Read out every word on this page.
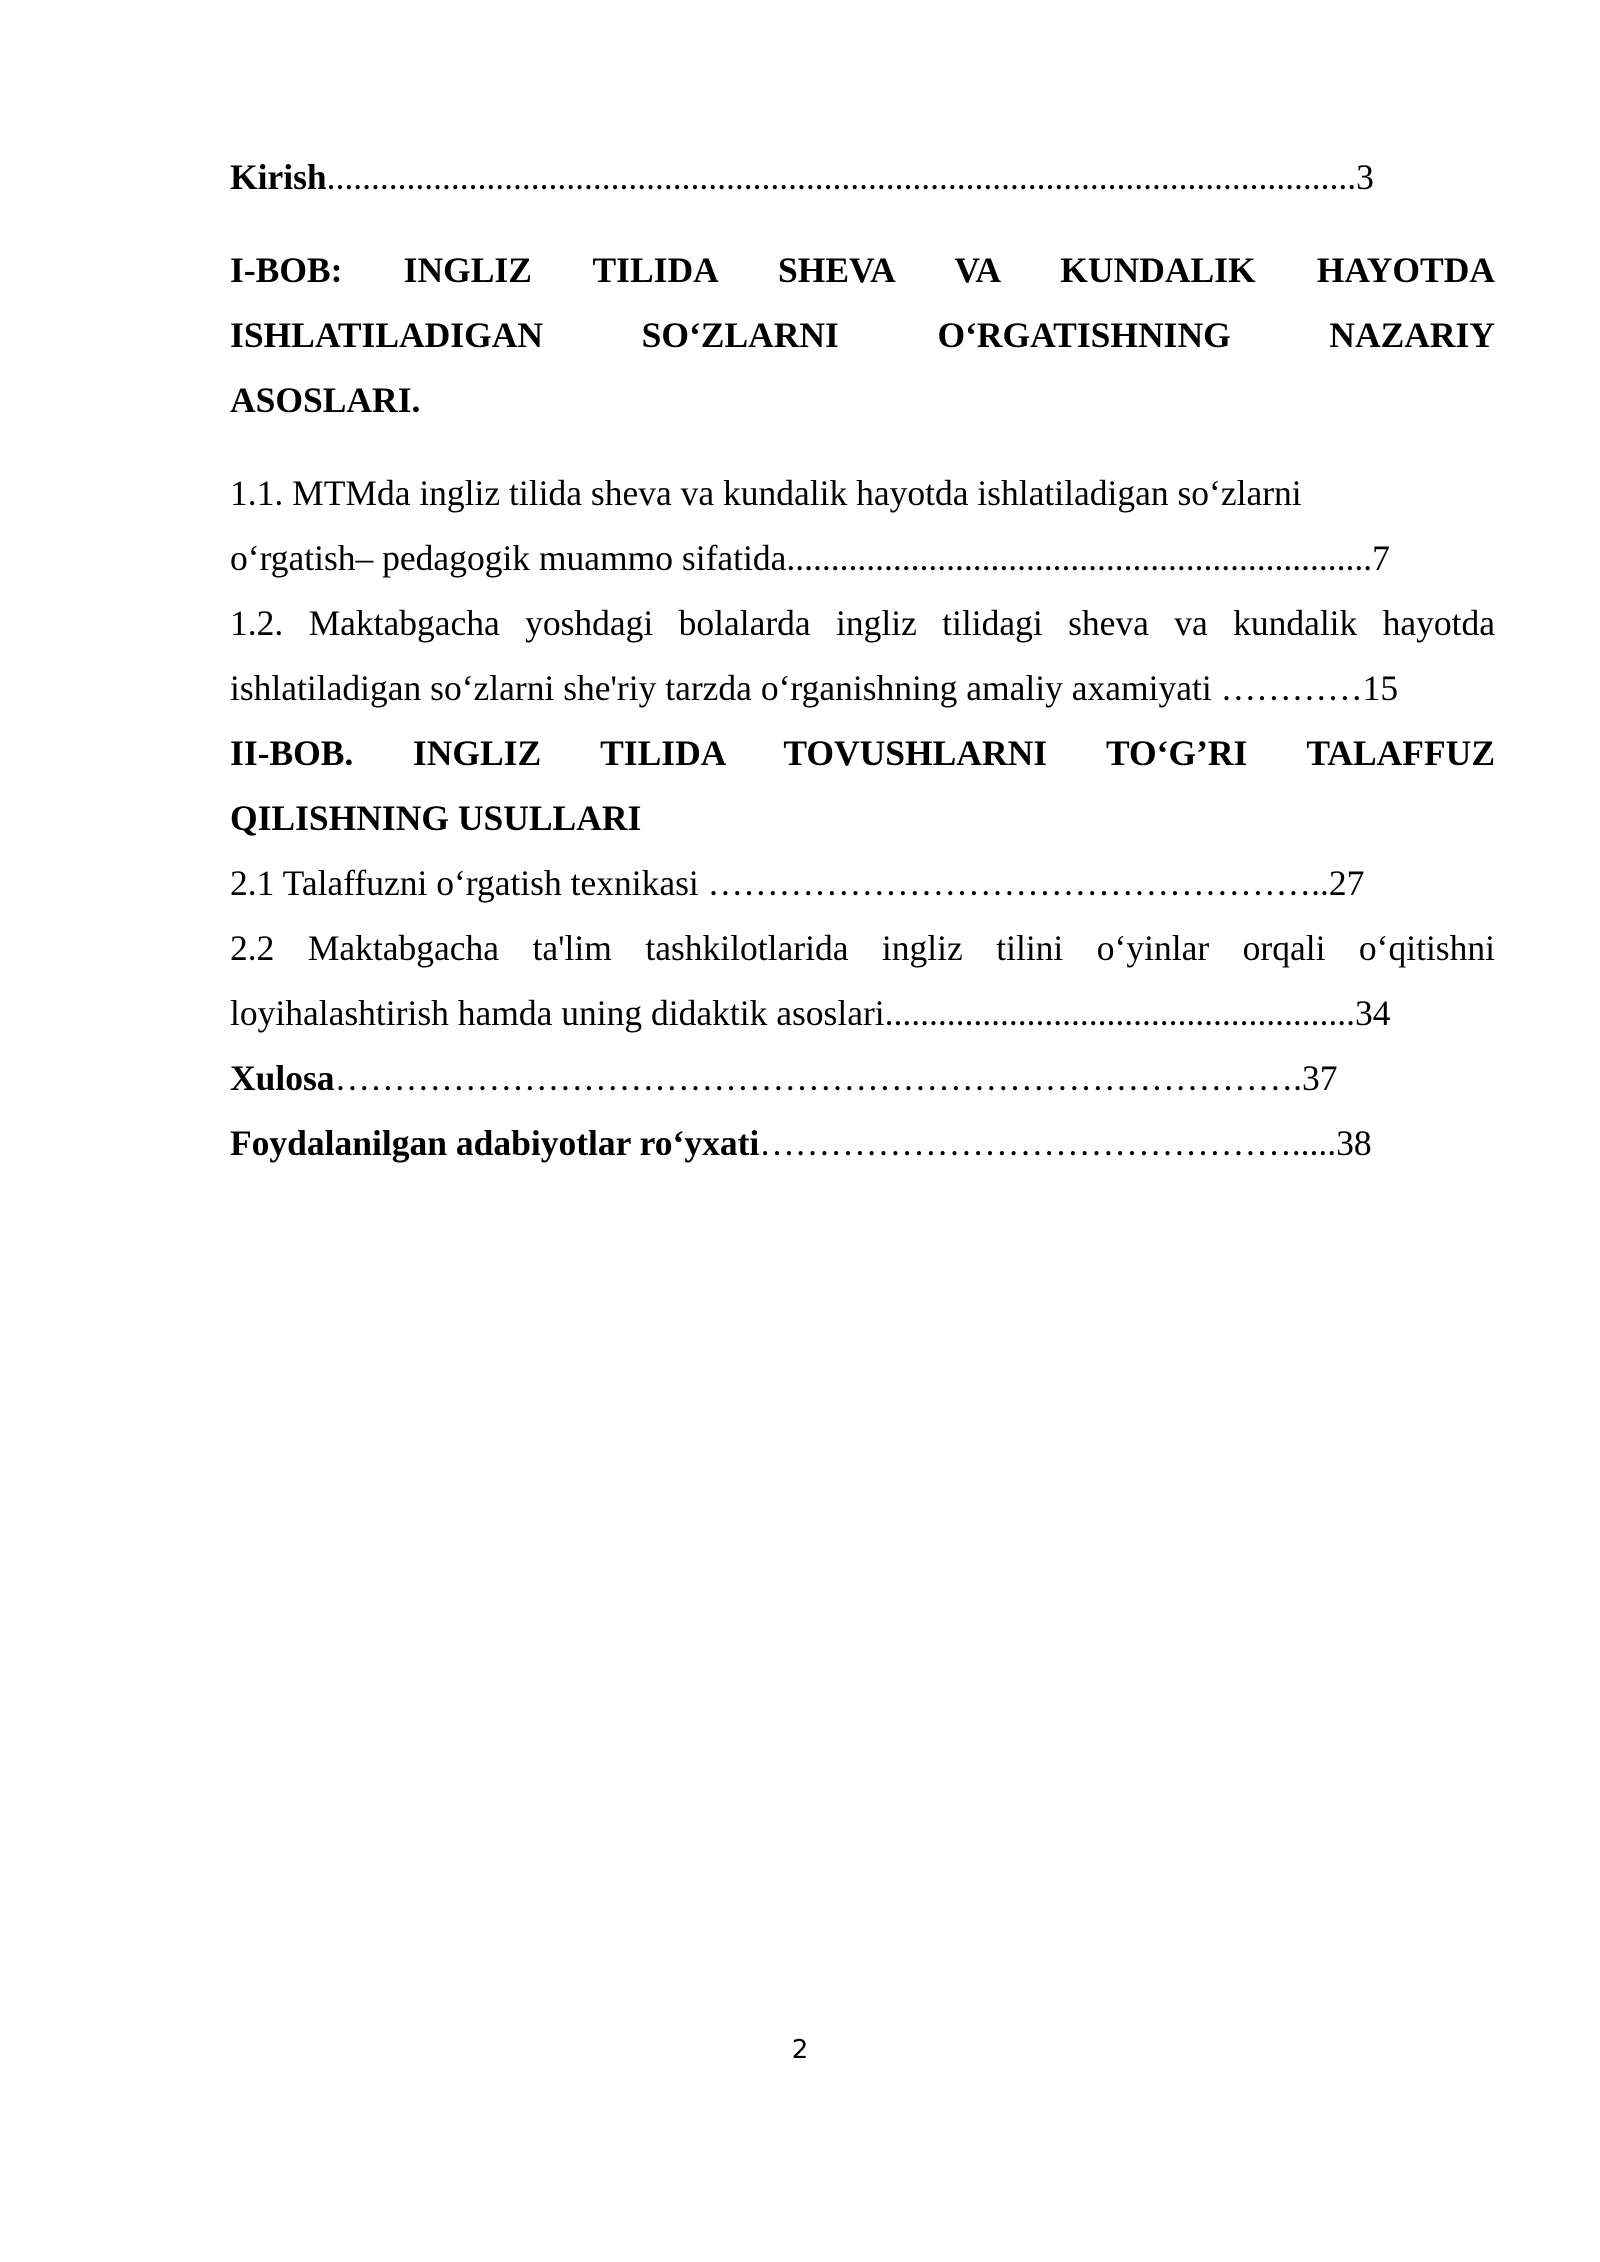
Kirish....................................................................................................................3
I-BOB: INGLIZ TILIDA SHEVA VA KUNDALIK HAYOTDA
ISHLATILADIGAN SO‘ZLARNI O‘RGATISHNING NAZARIY
ASOSLARI.
1.1. MTMda ingliz tilida sheva va kundalik hayotda ishlatiladigan so‘zlarni
o‘rgatish– pedagogik muammo sifatida..................................................................7
1.2. Maktabgacha yoshdagi bolalarda ingliz tilidagi sheva va kundalik hayotda
ishlatiladigan so‘zlarni she'riy tarzda o‘rganishning amaliy axamiyati …………15
II-BOB. INGLIZ TILIDA TOVUSHLARNI TO‘G’RI TALAFFUZ
QILISHNING USULLARI
2.1 Talaffuzni o‘rgatish texnikasi ……………………………………………..27
2.2 Maktabgacha ta'lim tashkilotlarida ingliz tilini o‘yinlar orqali o‘qitishni
loyihalashtirish hamda uning didaktik asoslari.....................................................34
Xulosa……………………………………………………………………….37
Foydalanilgan adabiyotlar ro‘yxati……………………………………….....38
2
